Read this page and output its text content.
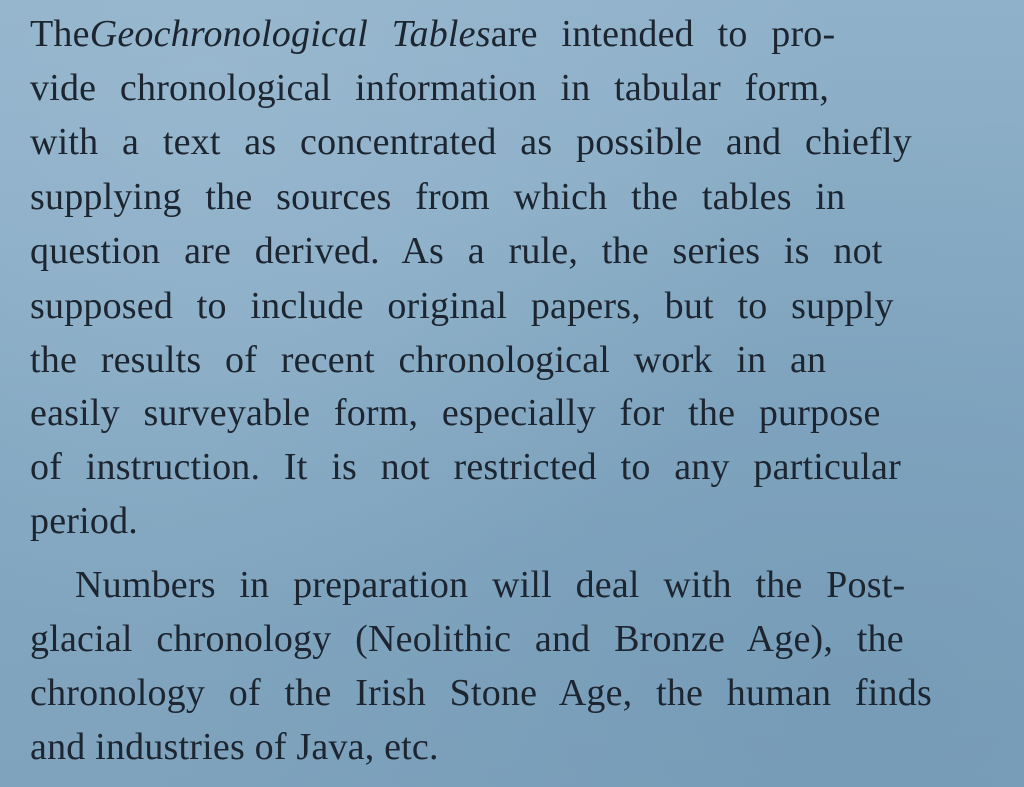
TheGeochronological Tablesare intended to pro-
vide chronological information in tabular form,
with a text as concentrated as possible and chiefly
supplying the sources from which the tables in
question are derived. As a rule, the series is not
supposed to include original papers, but to supply
the results of recent chronological work in an
easily surveyable form, especially for the purpose
of instruction. It is not restricted to any particular
period.
Numbers in preparation will deal with the Post-
glacial chronology (Neolithic and Bronze Age), the
chronology of the Irish Stone Age, the human finds
and industries of Java, etc.
